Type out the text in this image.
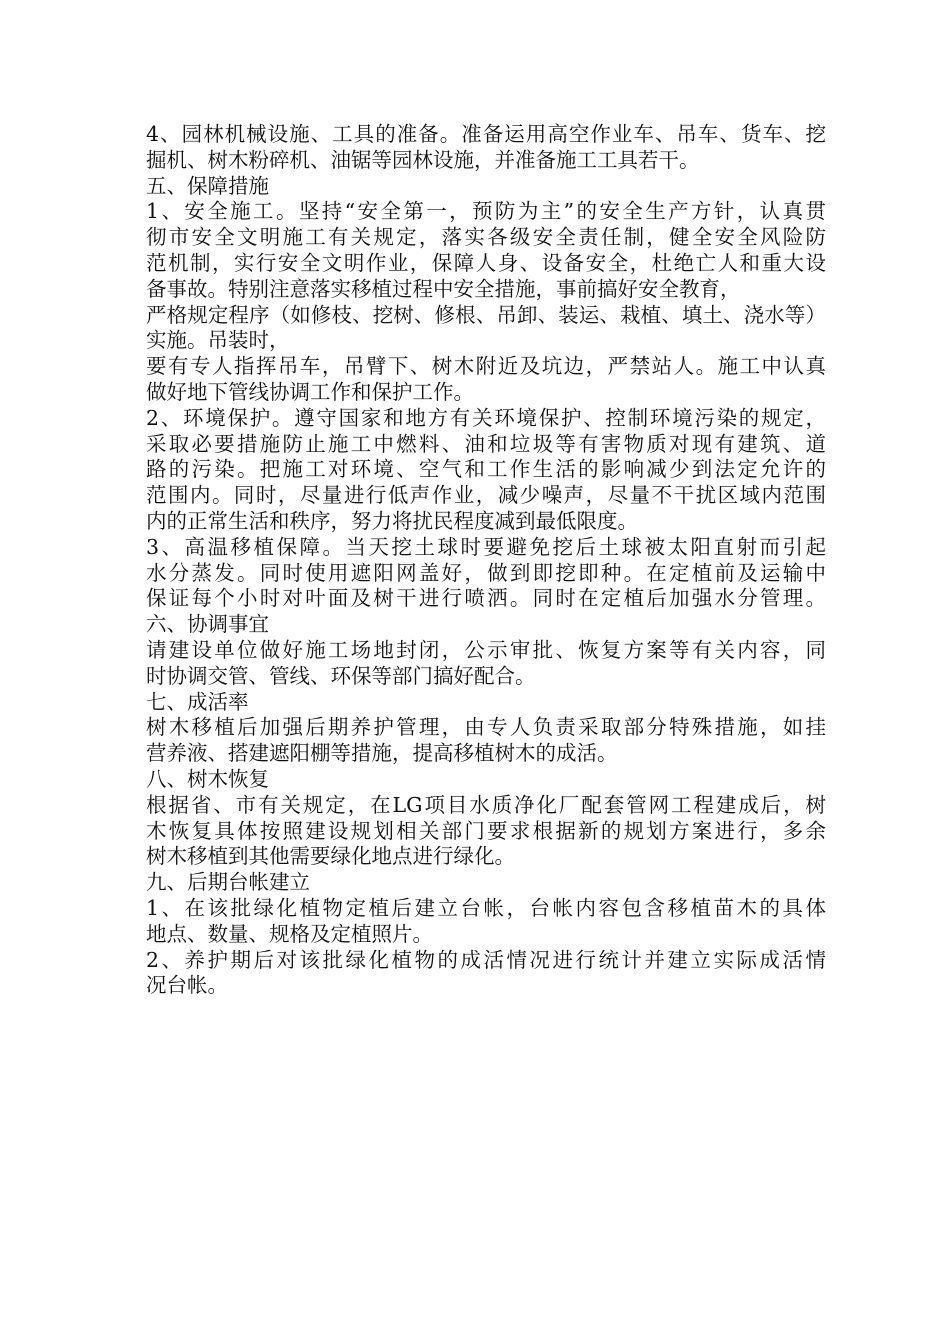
4、园林机械设施、工具的准备。准备运用高空作业车、吊车、货车、挖
掘机、树木粉碎机、油锯等园林设施，并准备施工工具若干。
五、保障措施
1、安全施工。坚持“安全第一，预防为主”的安全生产方针，认真贯
彻市安全文明施工有关规定，落实各级安全责任制，健全安全风险防
范机制，实行安全文明作业，保障人身、设备安全，杜绝亡人和重大设
备事故。特别注意落实移植过程中安全措施，事前搞好安全教育，
严格规定程序（如修枝、挖树、修根、吊卸、装运、栽植、填土、浇水等）
实施。吊装时，
要有专人指挥吊车，吊臂下、树木附近及坑边，严禁站人。施工中认真
做好地下管线协调工作和保护工作。
2、环境保护。遵守国家和地方有关环境保护、控制环境污染的规定，
采取必要措施防止施工中燃料、油和垃圾等有害物质对现有建筑、道
路的污染。把施工对环境、空气和工作生活的影响减少到法定允许的
范围内。同时，尽量进行低声作业，减少噪声，尽量不干扰区域内范围
内的正常生活和秩序，努力将扰民程度减到最低限度。
3、高温移植保障。当天挖土球时要避免挖后土球被太阳直射而引起
水分蒸发。同时使用遮阳网盖好，做到即挖即种。在定植前及运输中
保证每个小时对叶面及树干进行喷洒。同时在定植后加强水分管理。
六、协调事宜
请建设单位做好施工场地封闭，公示审批、恢复方案等有关内容，同
时协调交管、管线、环保等部门搞好配合。
七、成活率
树木移植后加强后期养护管理，由专人负责采取部分特殊措施，如挂
营养液、搭建遮阳棚等措施，提高移植树木的成活。
八、树木恢复
根据省、市有关规定，在LG项目水质净化厂配套管网工程建成后，树
木恢复具体按照建设规划相关部门要求根据新的规划方案进行，多余
树木移植到其他需要绿化地点进行绿化。
九、后期台帐建立
1、在该批绿化植物定植后建立台帐，台帐内容包含移植苗木的具体
地点、数量、规格及定植照片。
2、养护期后对该批绿化植物的成活情况进行统计并建立实际成活情
况台帐。
